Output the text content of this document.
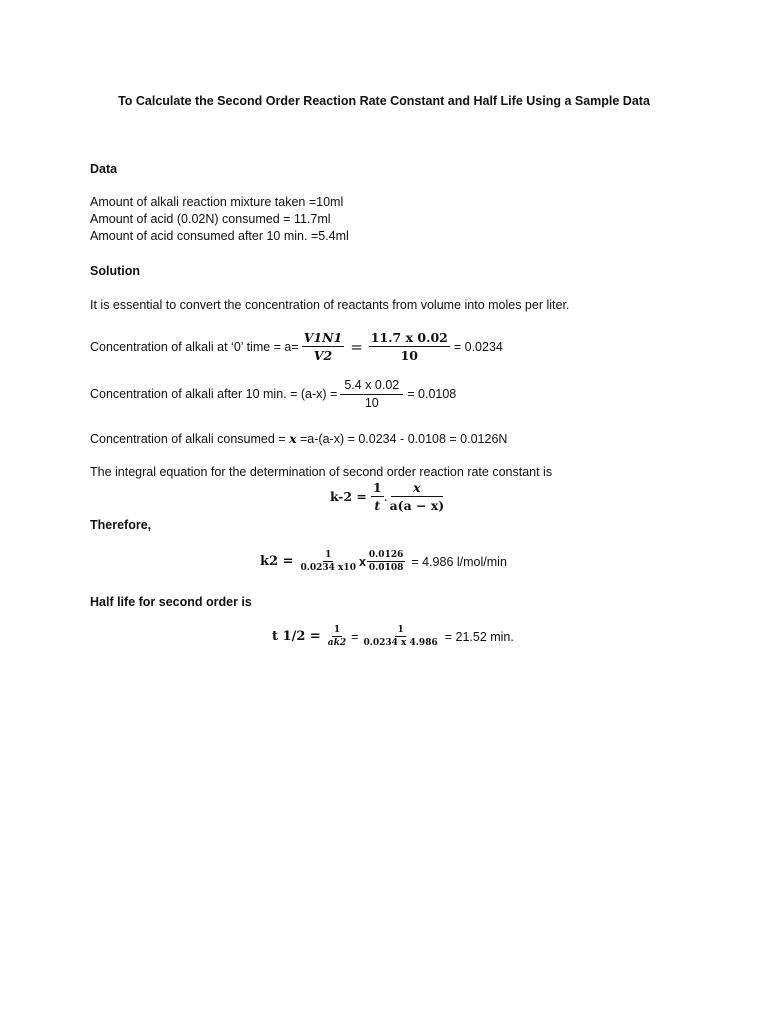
To Calculate the Second Order Reaction Rate Constant and Half Life Using a Sample Data
Data
Amount of alkali reaction mixture taken =10ml
Amount of acid (0.02N) consumed = 11.7ml
Amount of acid consumed after 10 min. =5.4ml
Solution
It is essential to convert the concentration of reactants from volume into moles per liter.
Concentration of alkali at ‘0’ time = $a= \frac{V1N1}{V2} = \frac{11.7 x 0.02}{10} = 0.0234$
Concentration of alkali after 10 min. = $(a-x) = \frac{5.4 x 0.02}{10} = 0.0108$
Concentration of alkali consumed = x =a-(a-x) = 0.0234 - 0.0108 = 0.0126N
The integral equation for the determination of second order reaction rate constant is
$k-2 = \frac{1}{t}$ . $\frac{x}{a(a - x)}$
Therefore,
$k2 = \frac{1}{0.0234 x10}$ x $\frac{0.0126}{0.0108} = 4.986$ l/mol/min
Half life for second order is
t $1/2 = \frac{1}{ak2} = \frac{1}{0.0234 x 4.986} = 21.52$ min.
